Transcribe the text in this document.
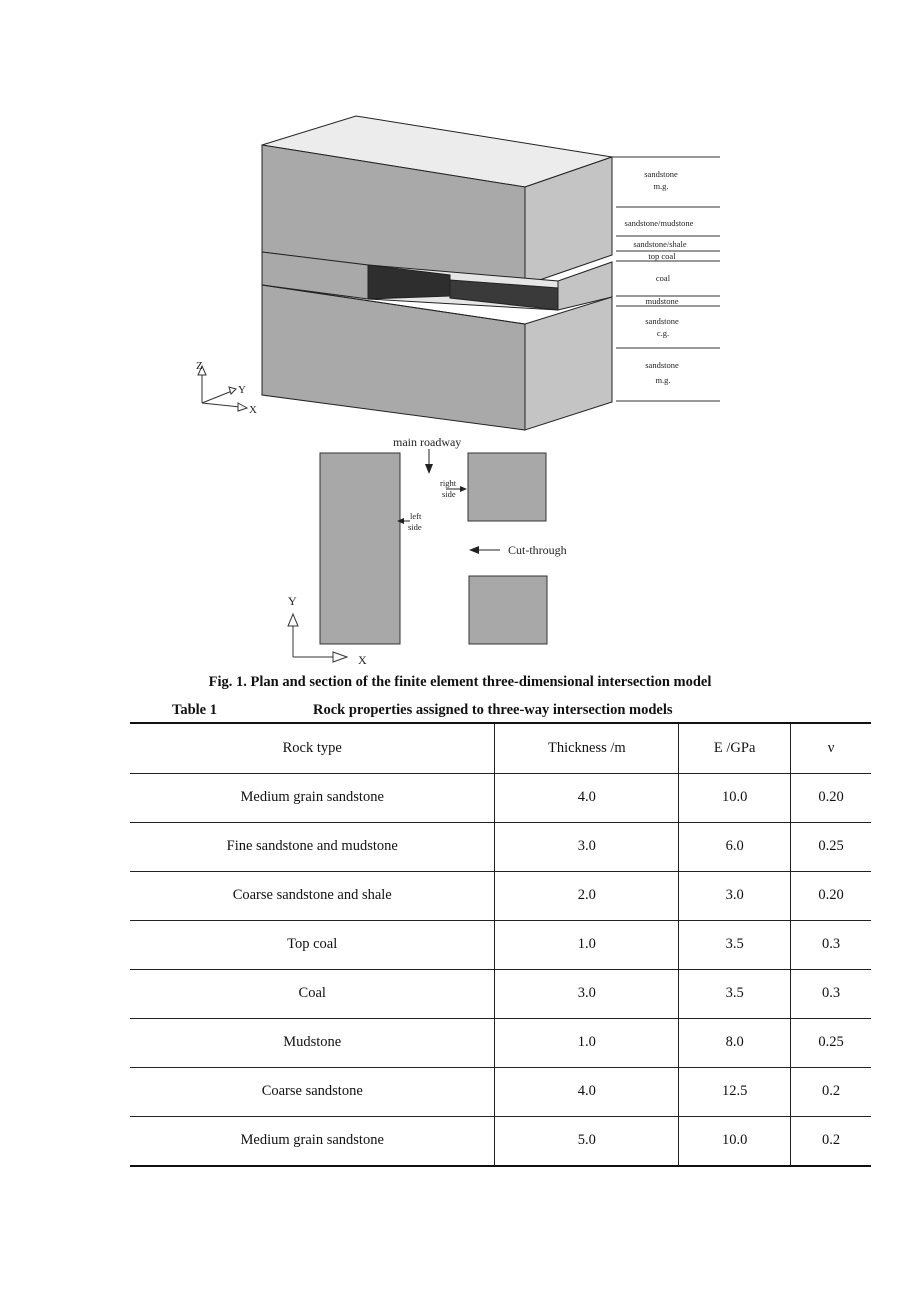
sandstone
m.g.
sandstone/mudstone
sandstone/shale
top coal
coal
mudstone
sandstone
c.g.
sandstone
m.g.
Z
Y
X
main roadway
right
side
left
side
Cut-through
Y
X
Fig. 1. Plan and section of the finite element three-dimensional intersection model
Table 1	Rock properties assigned to three-way intersection models
Rock type	Thickness /m	E /GPa	ν
Medium grain sandstone	4.0	10.0	0.20
Fine sandstone and mudstone	3.0	6.0	0.25
Coarse sandstone and shale	2.0	3.0	0.20
Top coal	1.0	3.5	0.3
Coal	3.0	3.5	0.3
Mudstone	1.0	8.0	0.25
Coarse sandstone	4.0	12.5	0.2
Medium grain sandstone	5.0	10.0	0.2
